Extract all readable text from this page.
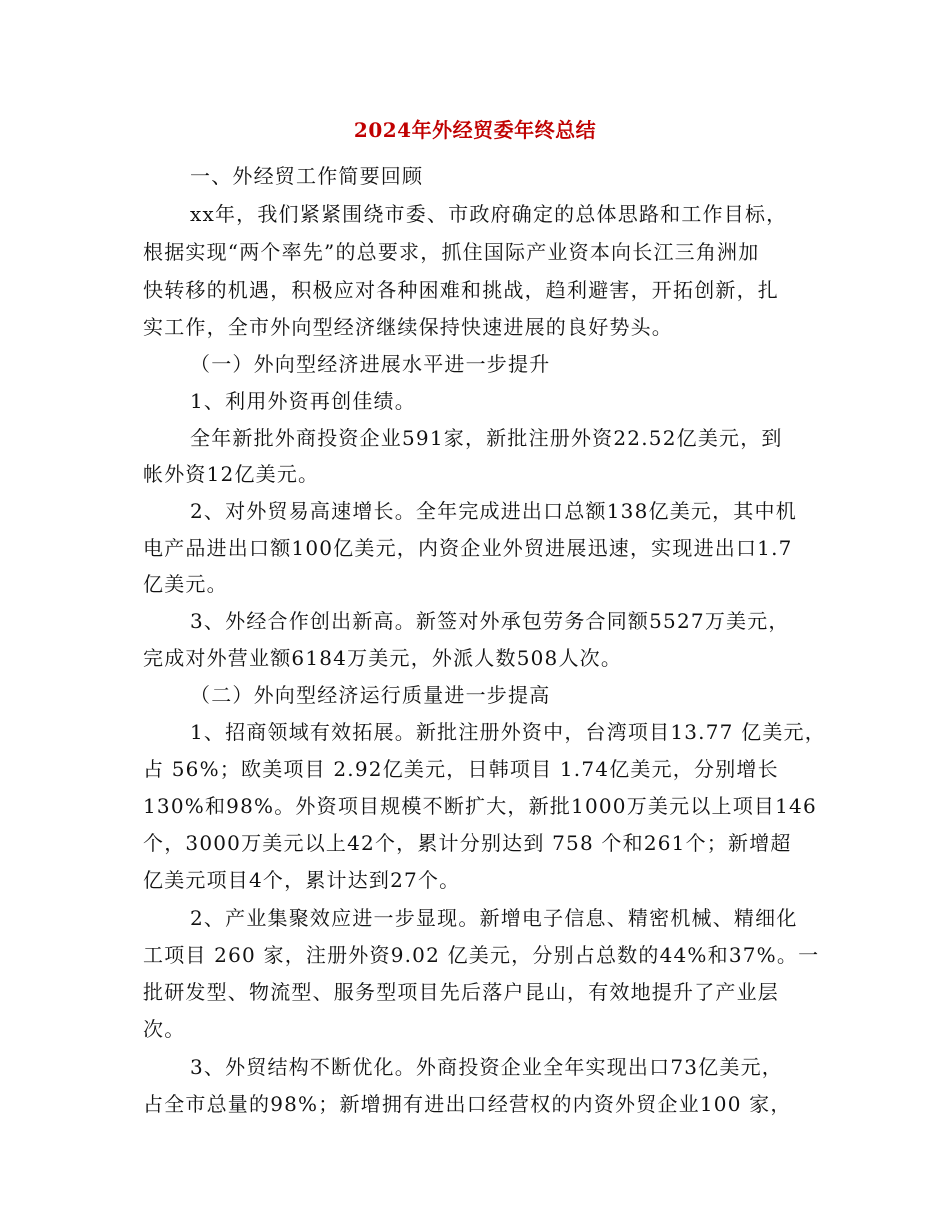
2024年外经贸委年终总结
一、外经贸工作简要回顾
xx年，我们紧紧围绕市委、市政府确定的总体思路和工作目标，
根据实现“两个率先”的总要求，抓住国际产业资本向长江三角洲加
快转移的机遇，积极应对各种困难和挑战，趋利避害，开拓创新，扎
实工作，全市外向型经济继续保持快速进展的良好势头。
（一）外向型经济进展水平进一步提升
1、利用外资再创佳绩。
全年新批外商投资企业591家，新批注册外资22.52亿美元，到
帐外资12亿美元。
2、对外贸易高速增长。全年完成进出口总额138亿美元，其中机
电产品进出口额100亿美元，内资企业外贸进展迅速，实现进出口1.7
亿美元。
3、外经合作创出新高。新签对外承包劳务合同额5527万美元，
完成对外营业额6184万美元，外派人数508人次。
（二）外向型经济运行质量进一步提高
1、招商领域有效拓展。新批注册外资中，台湾项目13.77 亿美元，
占 56%；欧美项目 2.92亿美元，日韩项目 1.74亿美元，分别增长
130%和98%。外资项目规模不断扩大，新批1000万美元以上项目146
个，3000万美元以上42个，累计分别达到 758 个和261个；新增超
亿美元项目4个，累计达到27个。
2、产业集聚效应进一步显现。新增电子信息、精密机械、精细化
工项目 260 家，注册外资9.02 亿美元，分别占总数的44%和37%。一
批研发型、物流型、服务型项目先后落户昆山，有效地提升了产业层
次。
3、外贸结构不断优化。外商投资企业全年实现出口73亿美元，
占全市总量的98%；新增拥有进出口经营权的内资外贸企业100 家，
